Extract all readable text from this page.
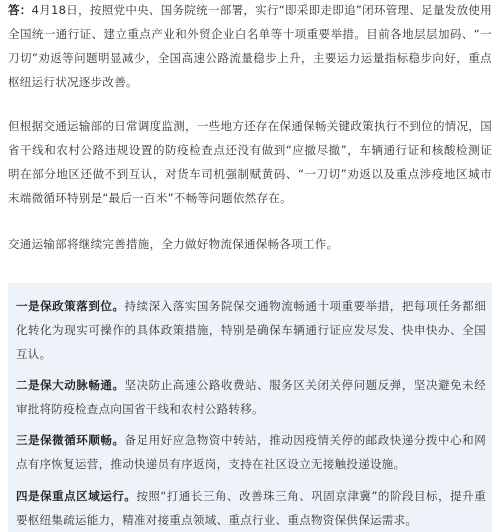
答：4月18日，按照党中央、国务院统一部署，实行“即采即走即追”闭环管理、足量发放使用全国统一通行证、建立重点产业和外贸企业白名单等十项重要举措。目前各地层层加码、“一刀切”劝返等问题明显减少，全国高速公路流量稳步上升，主要运力运量指标稳步向好，重点枢纽运行状况逐步改善。

但根据交通运输部的日常调度监测，一些地方还存在保通保畅关键政策执行不到位的情况，国省干线和农村公路违规设置的防疫检查点还没有做到“应撤尽撤”，车辆通行证和核酸检测证明在部分地区还做不到互认，对货车司机强制赋黄码、“一刀切”劝返以及重点涉疫地区城市末端微循环特别是“最后一百米”不畅等问题依然存在。

交通运输部将继续完善措施，全力做好物流保通保畅各项工作。

一是保政策落到位。持续深入落实国务院保交通物流畅通十项重要举措，把每项任务都细化转化为现实可操作的具体政策措施，特别是确保车辆通行证应发尽发、快申快办、全国互认。

二是保大动脉畅通。坚决防止高速公路收费站、服务区关闭关停问题反弹，坚决避免未经审批将防疫检查点向国省干线和农村公路转移。

三是保微循环顺畅。备足用好应急物资中转站，推动因疫情关停的邮政快递分拨中心和网点有序恢复运营，推动快递员有序返岗，支持在社区设立无接触投递设施。

四是保重点区域运行。按照“打通长三角、改善珠三角、巩固京津冀”的阶段目标，提升重要枢纽集疏运能力，精准对接重点领域、重点行业、重点物资保供保运需求。
